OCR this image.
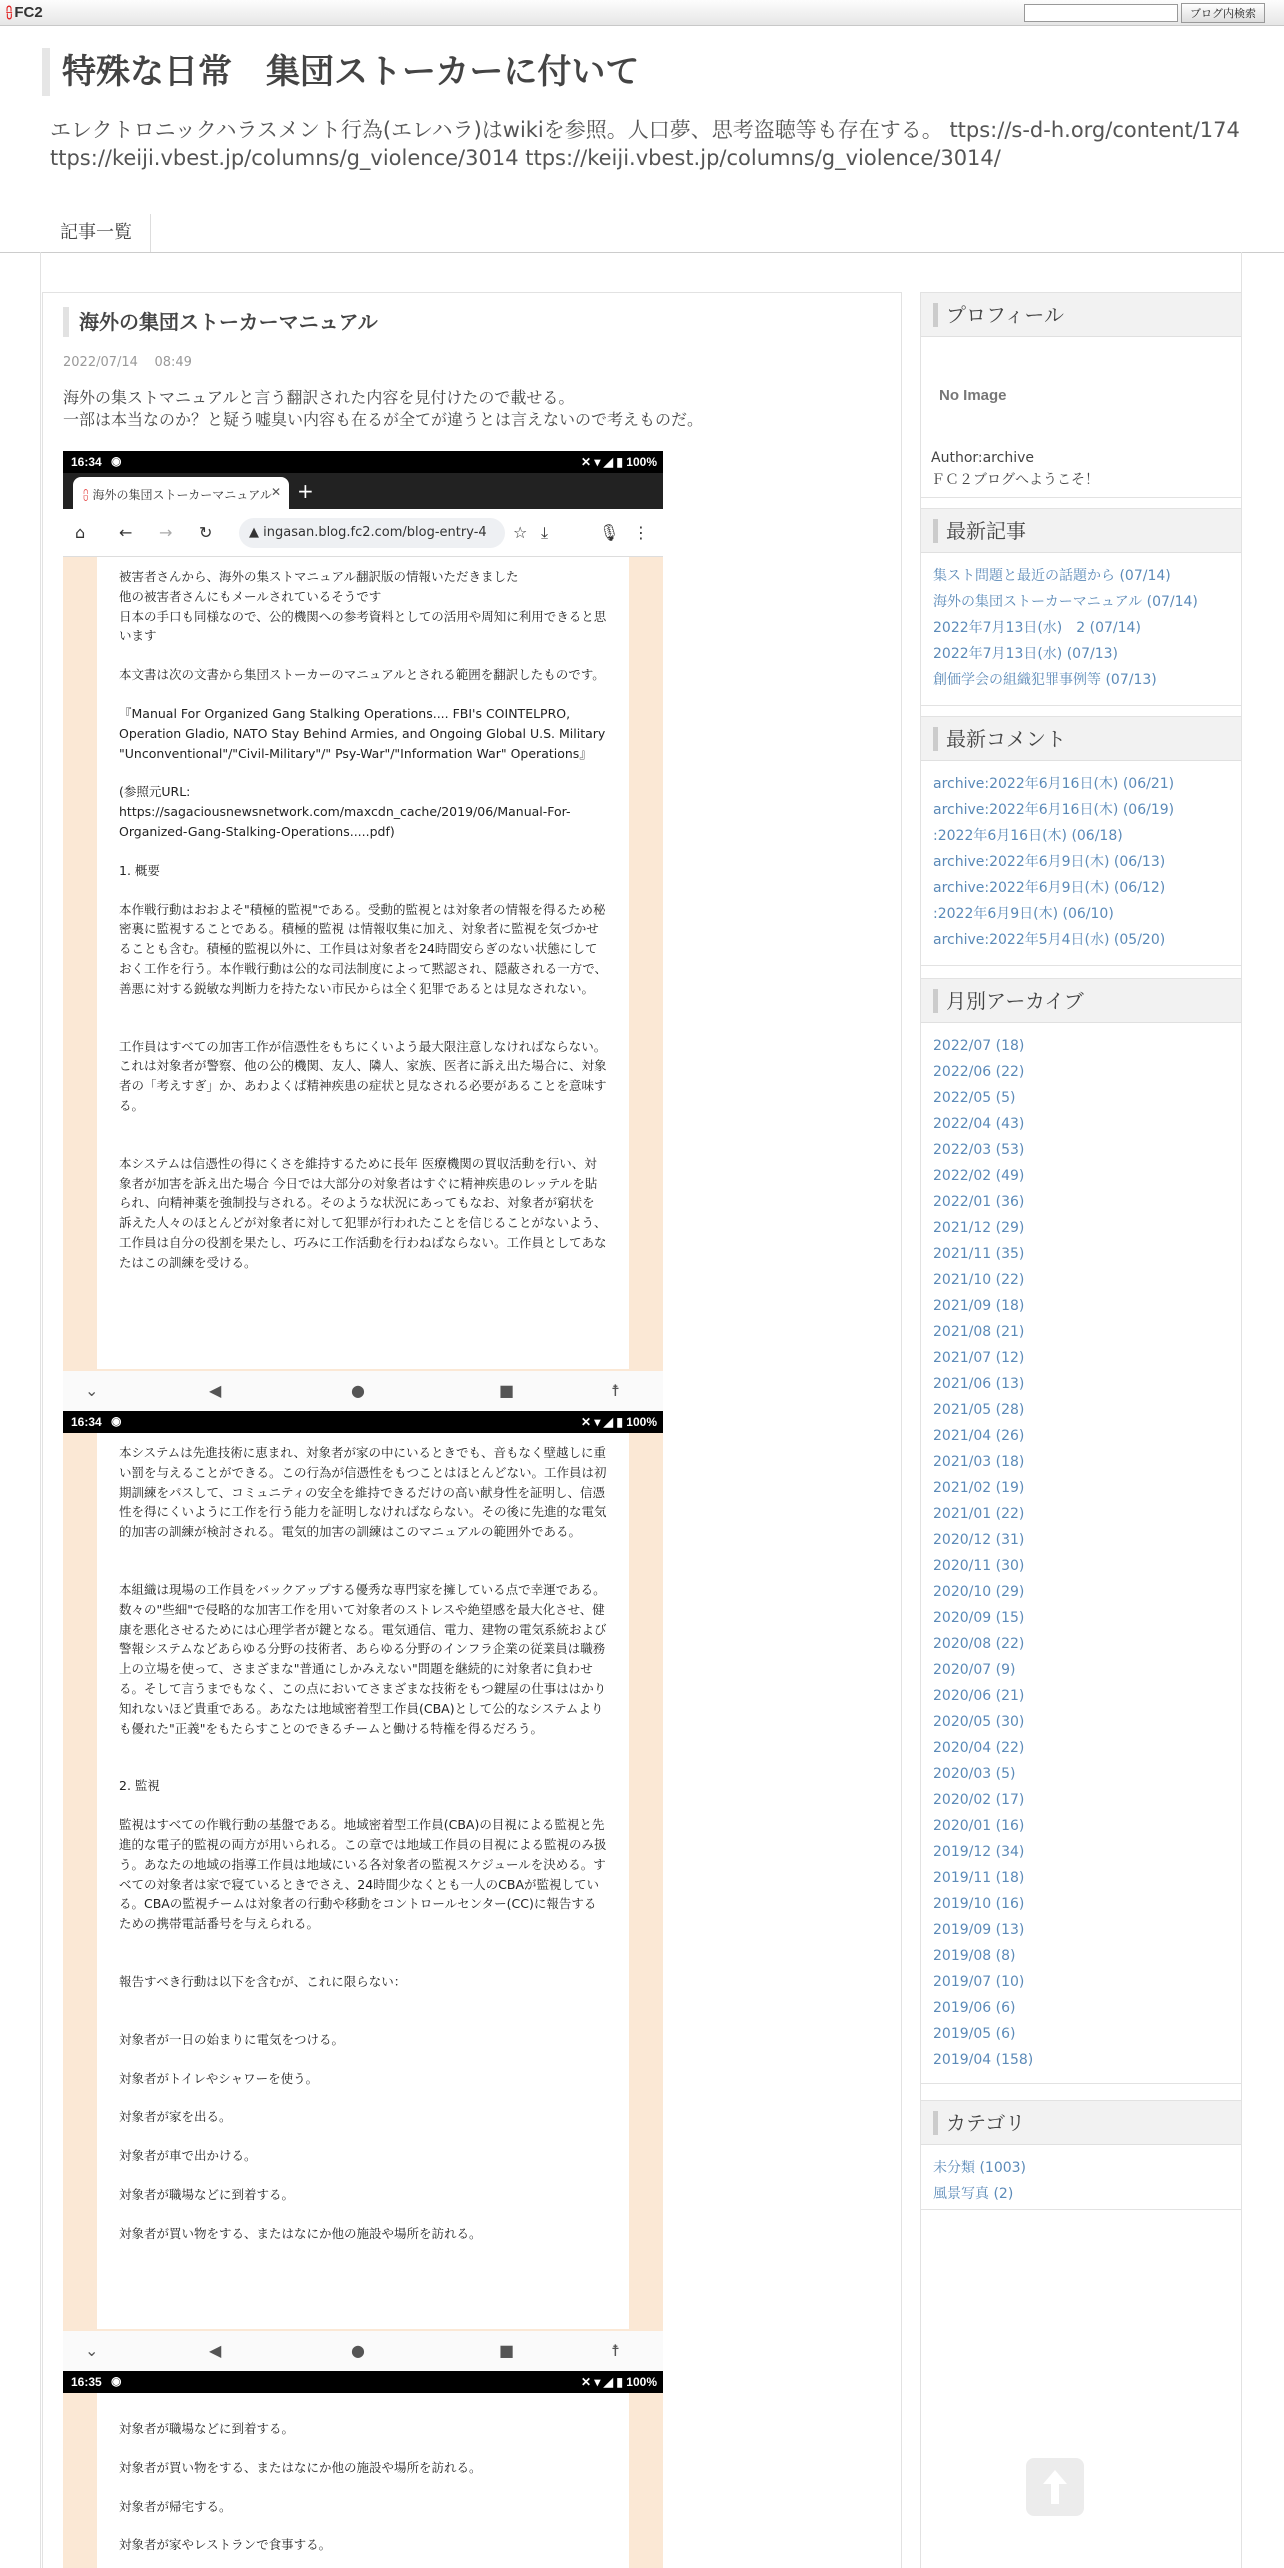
⩉ FC2	ブログ内検索
特殊な日常　集団ストーカーに付いて
エレクトロニックハラスメント行為(エレハラ)はwikiを参照。人口夢、思考盗聴等も存在する。 ttps://s-d-h.org/content/174 ttps://keiji.vbest.jp/columns/g_violence/3014 ttps://keiji.vbest.jp/columns/g_violence/3014/
記事一覧
海外の集団ストーカーマニュアル
2022/07/14 08:49

海外の集ストマニュアルと言う翻訳された内容を見付けたので載せる。

一部は本当なのか？と疑う嘘臭い内容も在るが全てが違うとは言えないので考えものだ。

16:34 ◉	✕ ▾ ◢ ▮ 100%
⩉ 海外の集団ストーカーマニュアル ✕ +
⌂ ← → ↻	▲ ingasan.blog.fc2.com/blog-entry-4	☆ ⤓	🎙 ⋮

被害者さんから、海外の集ストマニュアル翻訳版の情報いただきました

他の被害者さんにもメールされているそうです

日本の手口も同様なので、公的機関への参考資料としての活用や周知に利用できると思います

本文書は次の文書から集団ストーカーのマニュアルとされる範囲を翻訳したものです。

『Manual For Organized Gang Stalking Operations.... FBI's COINTELPRO, Operation Gladio, NATO Stay Behind Armies, and Ongoing Global U.S. Military "Unconventional"/"Civil-Military"/" Psy-War"/"Information War" Operations』

(参照元URL:

https://sagaciousnewsnetwork.com/maxcdn_cache/2019/06/Manual-For-Organized-Gang-Stalking-Operations.....pdf)

1. 概要

本作戦行動はおおよそ"積極的監視"である。受動的監視とは対象者の情報を得るため秘密裏に監視することである。積極的監視 は情報収集に加え、対象者に監視を気づかせることも含む。積極的監視以外に、工作員は対象者を24時間安らぎのない状態にしておく工作を行う。本作戦行動は公的な司法制度によって黙認され、隠蔽される一方で、善悪に対する鋭敏な判断力を持たない市民からは全く犯罪であるとは見なされない。

工作員はすべての加害工作が信憑性をもちにくいよう最大限注意しなければならない。これは対象者が警察、他の公的機関、友人、隣人、家族、医者に訴え出た場合に、対象者の「考えすぎ」か、あわよくば精神疾患の症状と見なされる必要があることを意味する。

本システムは信憑性の得にくさを維持するために長年 医療機関の買収活動を行い、対象者が加害を訴え出た場合 今日では大部分の対象者はすぐに精神疾患のレッテルを貼られ、向精神薬を強制投与される。そのような状況にあってもなお、対象者が窮状を訴えた人々のほとんどが対象者に対して犯罪が行われたことを信じることがないよう、工作員は自分の役割を果たし、巧みに工作活動を行わねばならない。工作員としてあなたはこの訓練を受ける。

⌄	◀	●	■	☨
16:34 ◉	✕ ▾ ◢ ▮ 100%

本システムは先進技術に恵まれ、対象者が家の中にいるときでも、音もなく壁越しに重い罰を与えることができる。この行為が信憑性をもつことはほとんどない。工作員は初期訓練をパスして、コミュニティの安全を維持できるだけの高い献身性を証明し、信憑性を得にくいように工作を行う能力を証明しなければならない。その後に先進的な電気的加害の訓練が検討される。電気的加害の訓練はこのマニュアルの範囲外である。

本組織は現場の工作員をバックアップする優秀な専門家を擁している点で幸運である。数々の"些細"で侵略的な加害工作を用いて対象者のストレスや絶望感を最大化させ、健康を悪化させるためには心理学者が鍵となる。電気通信、電力、建物の電気系統および警報システムなどあらゆる分野の技術者、あらゆる分野のインフラ企業の従業員は職務上の立場を使って、さまざまな"普通にしかみえない"問題を継続的に対象者に負わせる。そして言うまでもなく、この点においてさまざまな技術をもつ鍵屋の仕事ははかり知れないほど貴重である。あなたは地域密着型工作員(CBA)として公的なシステムよりも優れた"正義"をもたらすことのできるチームと働ける特権を得るだろう。

2. 監視

監視はすべての作戦行動の基盤である。地域密着型工作員(CBA)の目視による監視と先進的な電子的監視の両方が用いられる。この章では地域工作員の目視による監視のみ扱う。あなたの地域の指導工作員は地域にいる各対象者の監視スケジュールを決める。すべての対象者は家で寝ているときでさえ、24時間少なくとも一人のCBAが監視している。CBAの監視チームは対象者の行動や移動をコントロールセンター(CC)に報告するための携帯電話番号を与えられる。

報告すべき行動は以下を含むが、これに限らない：

対象者が一日の始まりに電気をつける。

対象者がトイレやシャワーを使う。

対象者が家を出る。

対象者が車で出かける。

対象者が職場などに到着する。

対象者が買い物をする、またはなにか他の施設や場所を訪れる。

⌄	◀	●	■	☨
16:35 ◉	✕ ▾ ◢ ▮ 100%

対象者が職場などに到着する。

対象者が買い物をする、またはなにか他の施設や場所を訪れる。

対象者が帰宅する。

対象者が家やレストランで食事する。

プロフィール
No Image
Author:archive
ＦＣ２ブログへようこそ！
最新記事
集スト問題と最近の話題から (07/14)
海外の集団ストーカーマニュアル (07/14)
2022年7月13日(水)　2 (07/14)
2022年7月13日(水) (07/13)
創価学会の組織犯罪事例等 (07/13)
最新コメント
archive:2022年6月16日(木) (06/21)
archive:2022年6月16日(木) (06/19)
:2022年6月16日(木) (06/18)
archive:2022年6月9日(木) (06/13)
archive:2022年6月9日(木) (06/12)
:2022年6月9日(木) (06/10)
archive:2022年5月4日(水) (05/20)
月別アーカイブ
2022/07 (18)
2022/06 (22)
2022/05 (5)
2022/04 (43)
2022/03 (53)
2022/02 (49)
2022/01 (36)
2021/12 (29)
2021/11 (35)
2021/10 (22)
2021/09 (18)
2021/08 (21)
2021/07 (12)
2021/06 (13)
2021/05 (28)
2021/04 (26)
2021/03 (18)
2021/02 (19)
2021/01 (22)
2020/12 (31)
2020/11 (30)
2020/10 (29)
2020/09 (15)
2020/08 (22)
2020/07 (9)
2020/06 (21)
2020/05 (30)
2020/04 (22)
2020/03 (5)
2020/02 (17)
2020/01 (16)
2019/12 (34)
2019/11 (18)
2019/10 (16)
2019/09 (13)
2019/08 (8)
2019/07 (10)
2019/06 (6)
2019/05 (6)
2019/04 (158)
カテゴリ
未分類 (1003)
風景写真 (2)
